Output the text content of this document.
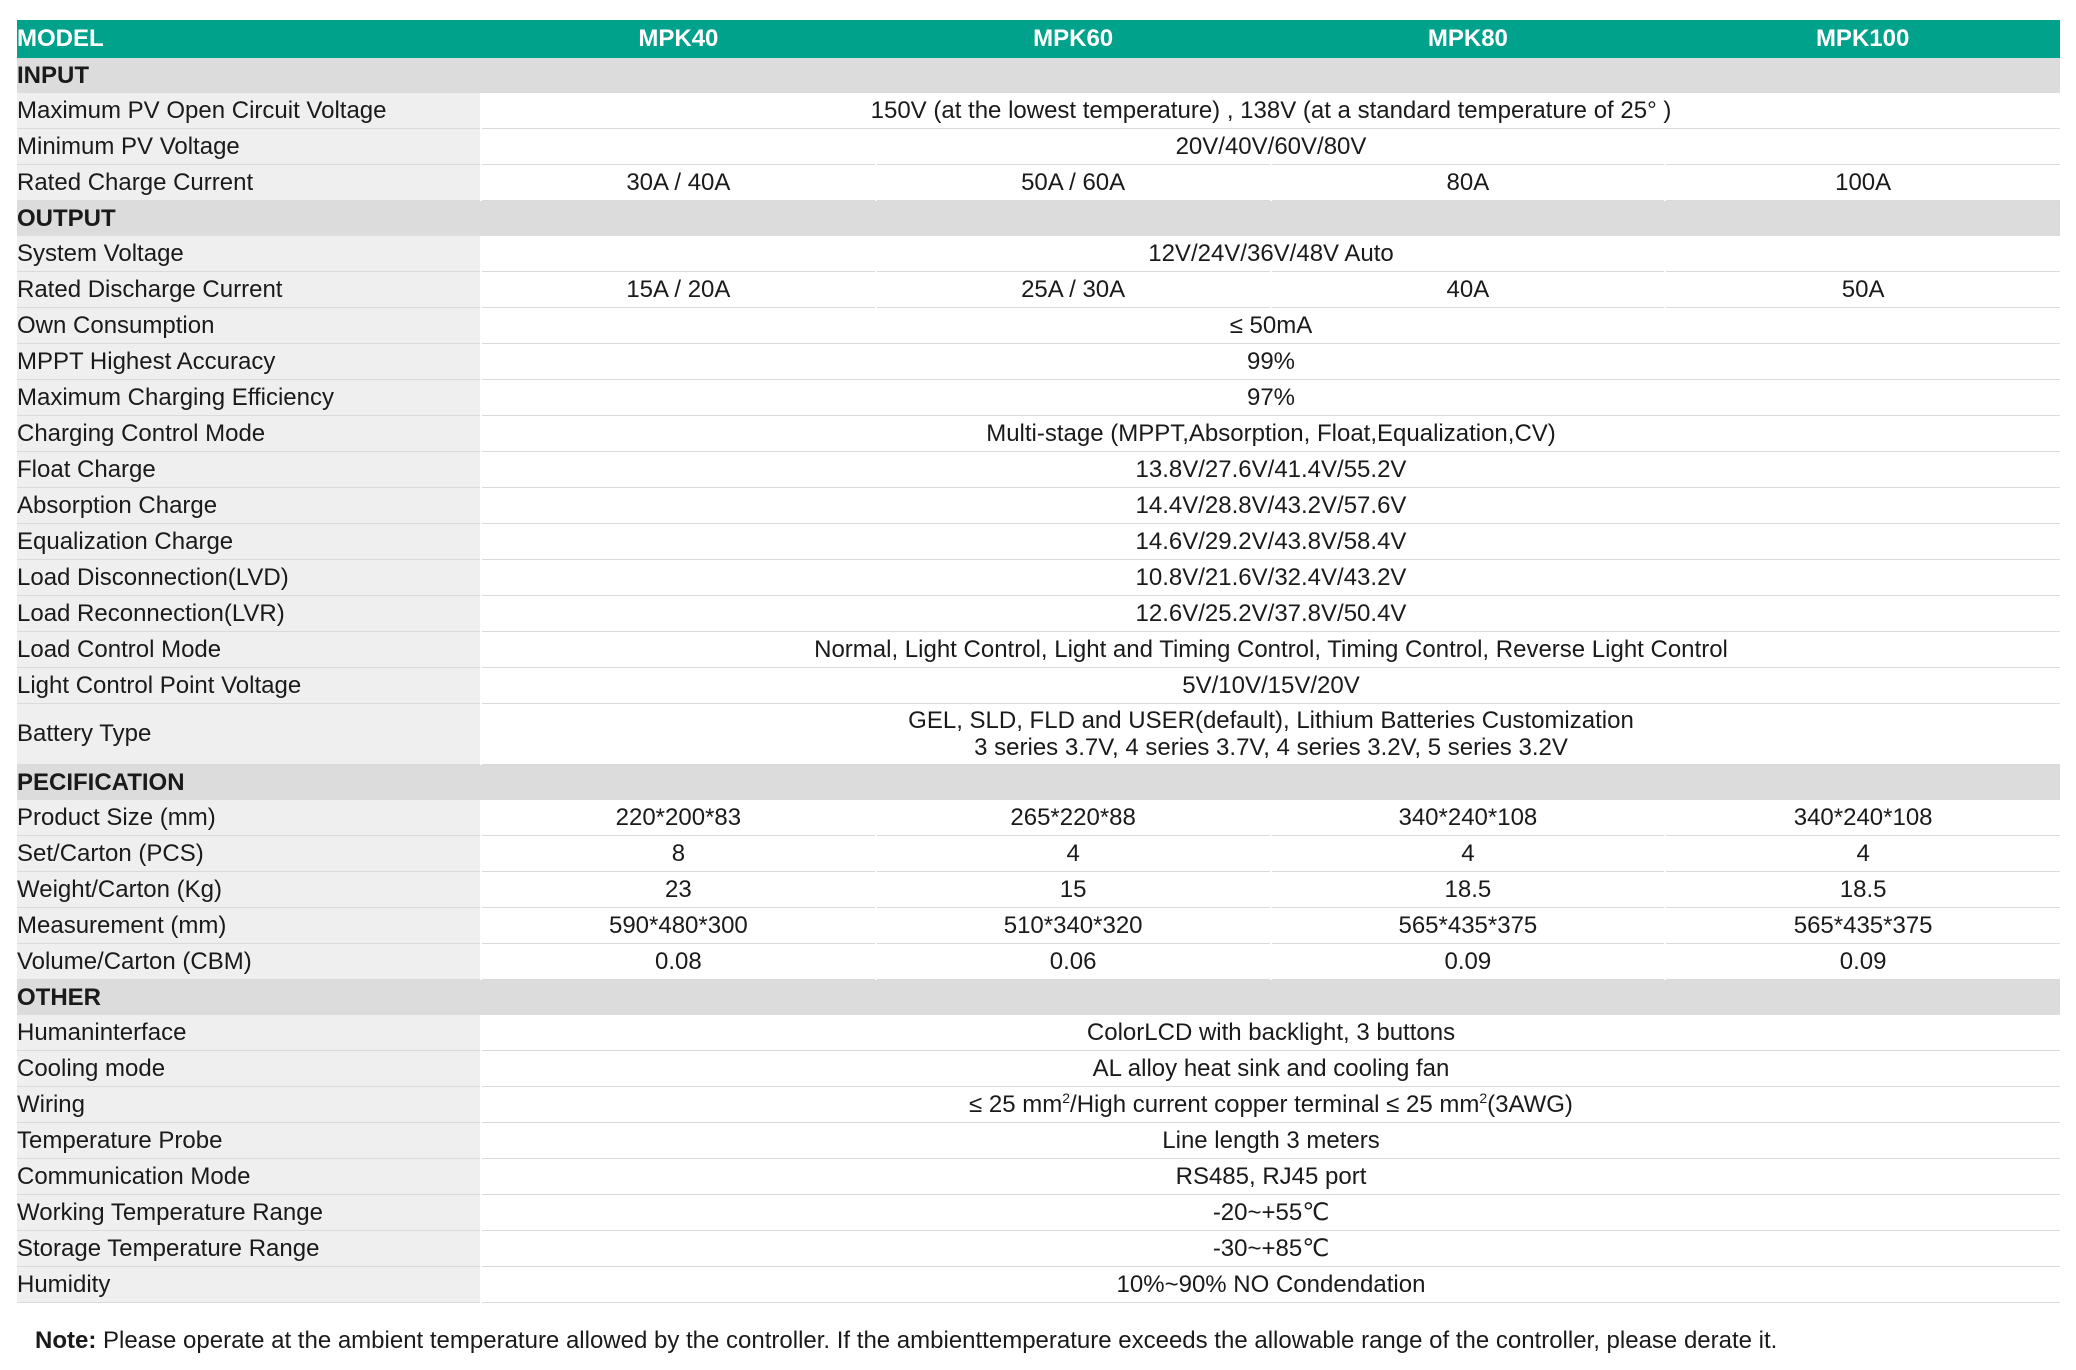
MODEL	MPK40	MPK60	MPK80	MPK100
INPUT				
Maximum PV Open Circuit Voltage	150V (at the lowest temperature) , 138V (at a standard temperature of 25° )			
Minimum PV Voltage	20V/40V/60V/80V			
Rated Charge Current	30A / 40A	50A / 60A	80A	100A
OUTPUT				
System Voltage	12V/24V/36V/48V Auto			
Rated Discharge Current	15A / 20A	25A / 30A	40A	50A
Own Consumption	≤ 50mA			
MPPT Highest Accuracy	99%			
Maximum Charging Efficiency	97%			
Charging Control Mode	Multi-stage (MPPT,Absorption, Float,Equalization,CV)			
Float Charge	13.8V/27.6V/41.4V/55.2V			
Absorption Charge	14.4V/28.8V/43.2V/57.6V			
Equalization Charge	14.6V/29.2V/43.8V/58.4V			
Load Disconnection(LVD)	10.8V/21.6V/32.4V/43.2V			
Load Reconnection(LVR)	12.6V/25.2V/37.8V/50.4V			
Load Control Mode	Normal, Light Control, Light and Timing Control, Timing Control, Reverse Light Control			
Light Control Point Voltage	5V/10V/15V/20V			
Battery Type	GEL, SLD, FLD and USER(default), Lithium Batteries Customization
3 series 3.7V, 4 series 3.7V, 4 series 3.2V, 5 series 3.2V			

PECIFICATION				
Product Size (mm)	220*200*83	265*220*88	340*240*108	340*240*108
Set/Carton (PCS)	8	4	4	4
Weight/Carton (Kg)	23	15	18.5	18.5
Measurement (mm)	590*480*300	510*340*320	565*435*375	565*435*375
Volume/Carton (CBM)	0.08	0.06	0.09	0.09
OTHER				
Humaninterface	ColorLCD with backlight, 3 buttons			
Cooling mode	AL alloy heat sink and cooling fan			
Wiring	≤ 25 $mm^2$/High current copper terminal ≤ 25 $mm^2(3AWG)$			
Temperature Probe	Line length 3 meters			
Communication Mode	RS485, RJ45 port			
Working Temperature Range	-20~+55℃			
Storage Temperature Range	-30~+85℃			
Humidity	10%~90% NO Condendation			
Note: Please operate at the ambient temperature allowed by the controller. If the ambienttemperature exceeds the allowable range of the controller, please derate it.
